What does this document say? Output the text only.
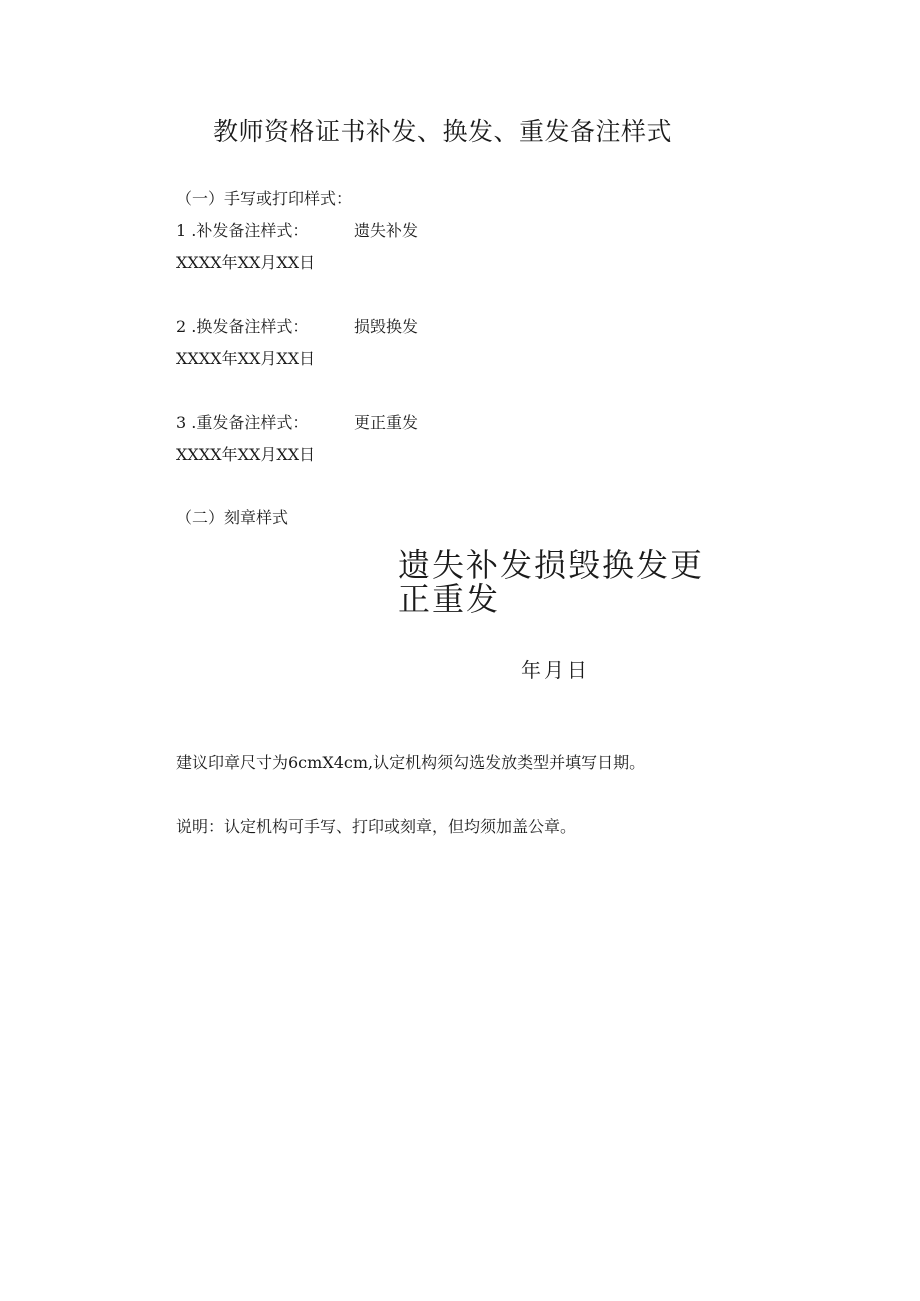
教师资格证书补发、换发、重发备注样式
（一）手写或打印样式：
1 .补发备注样式：	遗失补发
XXXX年XX月XX日
2 .换发备注样式：	损毁换发
XXXX年XX月XX日
3 .重发备注样式：	更正重发
XXXX年XX月XX日
（二）刻章样式
遗失补发损毁换发更正重发
年月日
建议印章尺寸为6cmX4cm,认定机构须勾选发放类型并填写日期。
说明：认定机构可手写、打印或刻章，但均须加盖公章。
